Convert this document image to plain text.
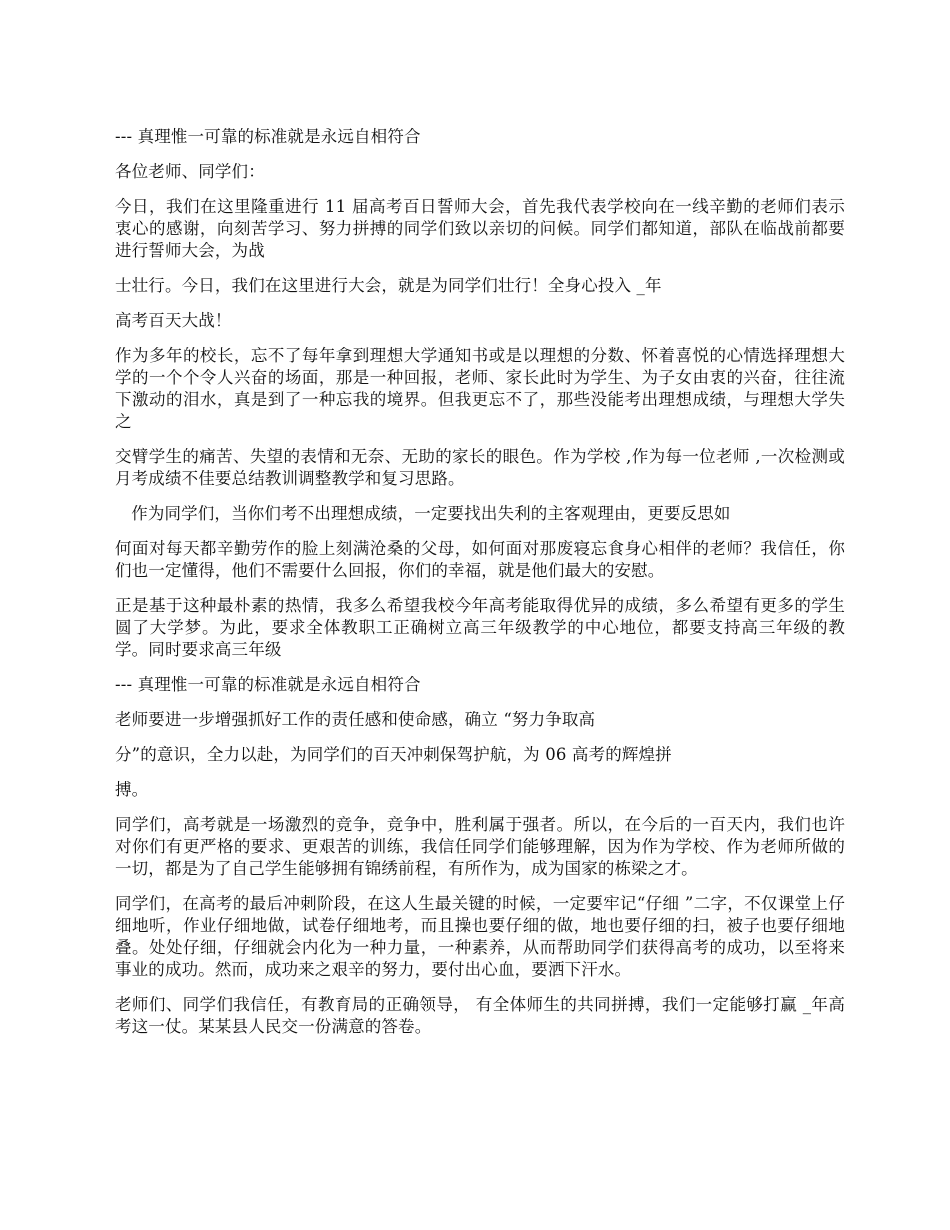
--- 真理惟一可靠的标准就是永远自相符合

各位老师、同学们：

今日，我们在这里隆重进行 11 届高考百日誓师大会，首先我代表学校向在一线辛勤的老师们表示衷心的感谢，向刻苦学习、努力拼搏的同学们致以亲切的问候。同学们都知道，部队在临战前都要进行誓师大会，为战

士壮行。今日，我们在这里进行大会，就是为同学们壮行！全身心投入 _年

高考百天大战！

作为多年的校长，忘不了每年拿到理想大学通知书或是以理想的分数、怀着喜悦的心情选择理想大学的一个个令人兴奋的场面，那是一种回报，老师、家长此时为学生、为子女由衷的兴奋，往往流下激动的泪水，真是到了一种忘我的境界。但我更忘不了，那些没能考出理想成绩，与理想大学失之

交臂学生的痛苦、失望的表情和无奈、无助的家长的眼色。作为学校 ,作为每一位老师 ,一次检测或月考成绩不佳要总结教训调整教学和复习思路。

作为同学们，当你们考不出理想成绩，一定要找出失利的主客观理由，更要反思如

何面对每天都辛勤劳作的脸上刻满沧桑的父母，如何面对那废寝忘食身心相伴的老师？我信任，你们也一定懂得，他们不需要什么回报，你们的幸福，就是他们最大的安慰。

正是基于这种最朴素的热情，我多么希望我校今年高考能取得优异的成绩，多么希望有更多的学生圆了大学梦。为此，要求全体教职工正确树立高三年级教学的中心地位，都要支持高三年级的教学。同时要求高三年级

--- 真理惟一可靠的标准就是永远自相符合

老师要进一步增强抓好工作的责任感和使命感，确立 “努力争取高

分”的意识，全力以赴，为同学们的百天冲刺保驾护航，为 06 高考的辉煌拼

搏。

同学们，高考就是一场激烈的竞争，竞争中，胜利属于强者。所以，在今后的一百天内，我们也许对你们有更严格的要求、更艰苦的训练，我信任同学们能够理解，因为作为学校、作为老师所做的一切，都是为了自己学生能够拥有锦绣前程，有所作为，成为国家的栋梁之才。

同学们，在高考的最后冲刺阶段，在这人生最关键的时候，一定要牢记“仔细 ”二字，不仅课堂上仔细地听，作业仔细地做，试卷仔细地考，而且操也要仔细的做，地也要仔细的扫，被子也要仔细地叠。处处仔细，仔细就会内化为一种力量，一种素养，从而帮助同学们获得高考的成功，以至将来事业的成功。然而，成功来之艰辛的努力，要付出心血，要洒下汗水。

老师们、同学们我信任，有教育局的正确领导， 有全体师生的共同拼搏，我们一定能够打赢 _年高考这一仗。某某县人民交一份满意的答卷。
